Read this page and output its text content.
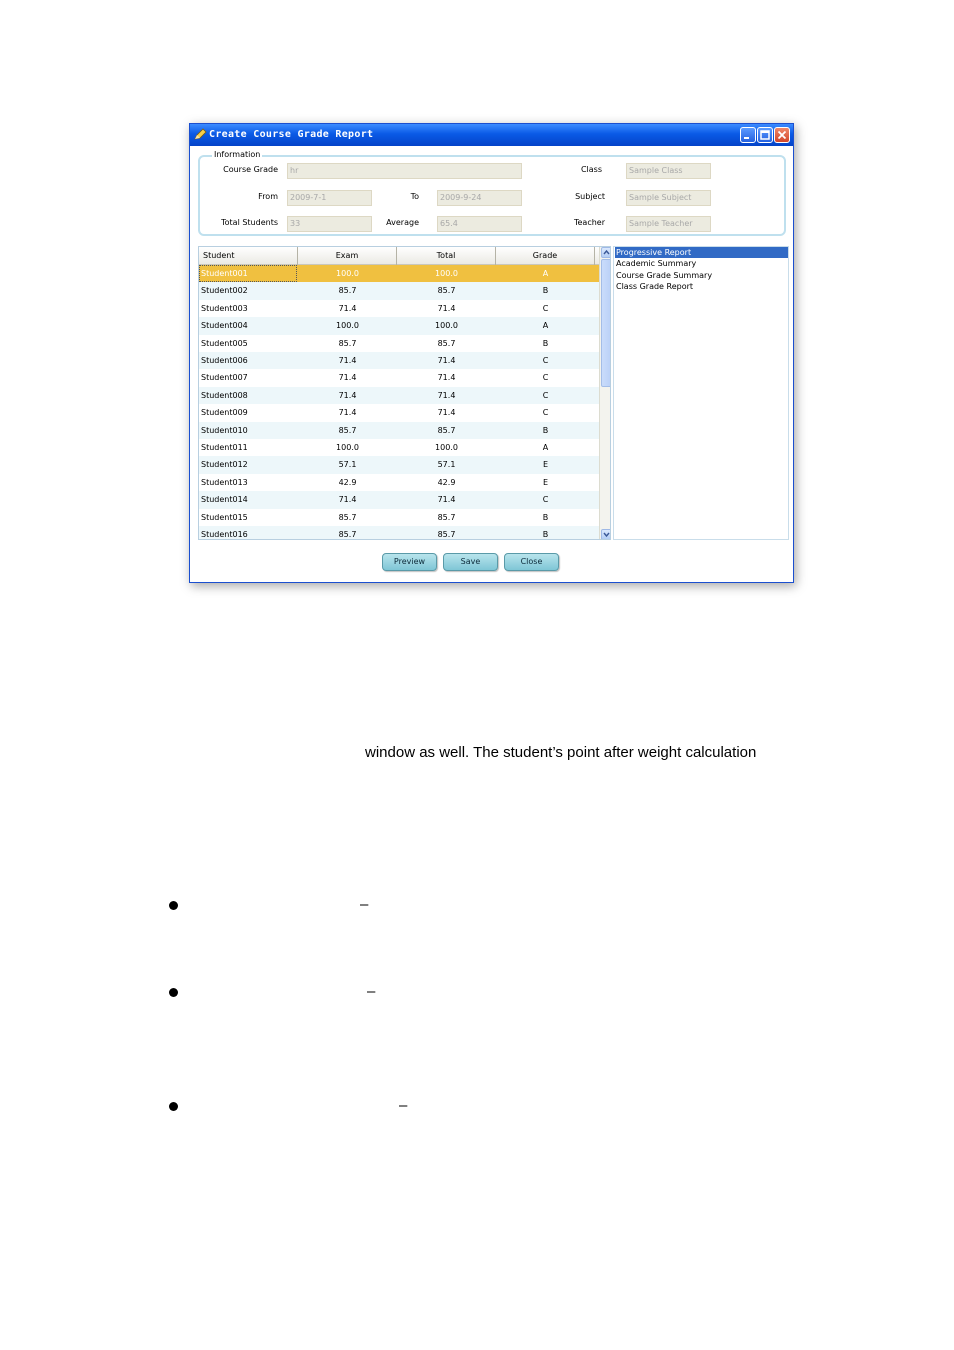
Create Course Grade Report
Information
Course Grade	hr	Class	Sample Class
From	2009-7-1	To	2009-9-24	Subject	Sample Subject
Total Students	33	Average	65.4	Teacher	Sample Teacher
Student	Exam	Total	Grade
Student001	100.0	100.0	A
Student002	85.7	85.7	B
Student003	71.4	71.4	C
Student004	100.0	100.0	A
Student005	85.7	85.7	B
Student006	71.4	71.4	C
Student007	71.4	71.4	C
Student008	71.4	71.4	C
Student009	71.4	71.4	C
Student010	85.7	85.7	B
Student011	100.0	100.0	A
Student012	57.1	57.1	E
Student013	42.9	42.9	E
Student014	71.4	71.4	C
Student015	85.7	85.7	B
Student016	85.7	85.7	B
Progressive Report
Academic Summary
Course Grade Summary
Class Grade Report
Preview	Save	Close
window as well. The student’s point after weight calculation
–
–
–
